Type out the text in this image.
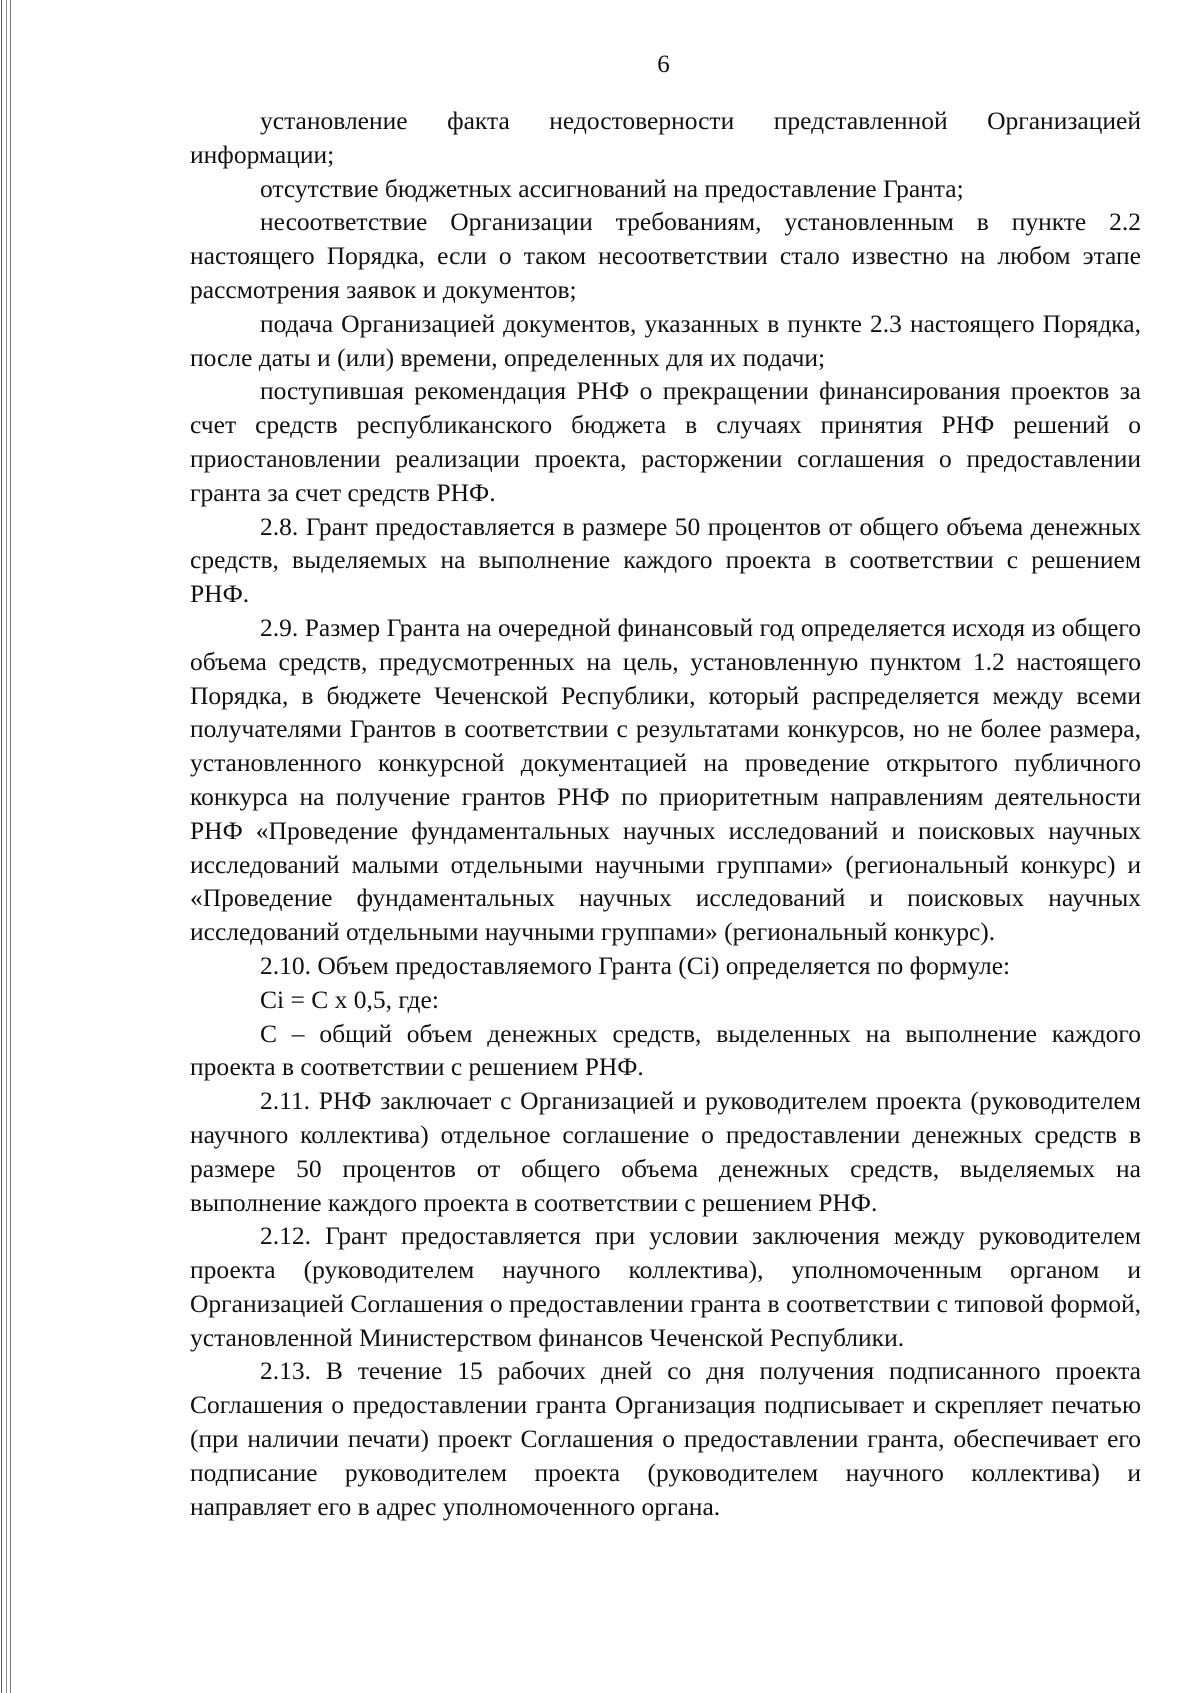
6

установление факта недостоверности представленной Организацией информации;

отсутствие бюджетных ассигнований на предоставление Гранта;

несоответствие Организации требованиям, установленным в пункте 2.2 настоящего Порядка, если о таком несоответствии стало известно на любом этапе рассмотрения заявок и документов;

подача Организацией документов, указанных в пункте 2.3 настоящего Порядка, после даты и (или) времени, определенных для их подачи;

поступившая рекомендация РНФ о прекращении финансирования проектов за счет средств республиканского бюджета в случаях принятия РНФ решений о приостановлении реализации проекта, расторжении соглашения о предоставлении гранта за счет средств РНФ.

2.8. Грант предоставляется в размере 50 процентов от общего объема денежных средств, выделяемых на выполнение каждого проекта в соответствии с решением РНФ.

2.9. Размер Гранта на очередной финансовый год определяется исходя из общего объема средств, предусмотренных на цель, установленную пунктом 1.2 настоящего Порядка, в бюджете Чеченской Республики, который распределяется между всеми получателями Грантов в соответствии с результатами конкурсов, но не более размера, установленного конкурсной документацией на проведение открытого публичного конкурса на получение грантов РНФ по приоритетным направлениям деятельности РНФ «Проведение фундаментальных научных исследований и поисковых научных исследований малыми отдельными научными группами» (региональный конкурс) и «Проведение фундаментальных научных исследований и поисковых научных исследований отдельными научными группами» (региональный конкурс).

2.10. Объем предоставляемого Гранта (Ci) определяется по формуле:

Ci = C x 0,5, где:

C – общий объем денежных средств, выделенных на выполнение каждого проекта в соответствии с решением РНФ.

2.11. РНФ заключает с Организацией и руководителем проекта (руководителем научного коллектива) отдельное соглашение о предоставлении денежных средств в размере 50 процентов от общего объема денежных средств, выделяемых на выполнение каждого проекта в соответствии с решением РНФ.

2.12. Грант предоставляется при условии заключения между руководителем проекта (руководителем научного коллектива), уполномоченным органом и Организацией Соглашения о предоставлении гранта в соответствии с типовой формой, установленной Министерством финансов Чеченской Республики.

2.13. В течение 15 рабочих дней со дня получения подписанного проекта Соглашения о предоставлении гранта Организация подписывает и скрепляет печатью (при наличии печати) проект Соглашения о предоставлении гранта, обеспечивает его подписание руководителем проекта (руководителем научного коллектива) и направляет его в адрес уполномоченного органа.
